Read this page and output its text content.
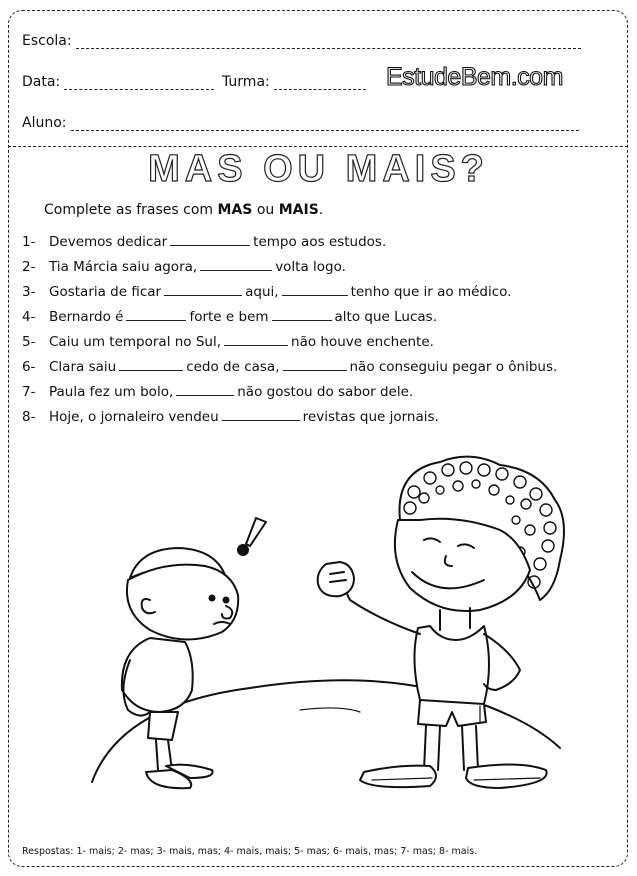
Escola:
Data:	Turma:	EstudeBem.com
Aluno:
MAS OU MAIS?
Complete as frases com MAS ou MAIS.
1-	Devemos dedicar	tempo aos estudos.
2-	Tia Márcia saiu agora,	volta logo.
3-	Gostaria de ficar	aqui,	tenho que ir ao médico.
4-	Bernardo é	forte e bem	alto que Lucas.
5-	Caiu um temporal no Sul,	não houve enchente.
6-	Clara saiu	cedo de casa,	não conseguiu pegar o ônibus.
7-	Paula fez um bolo,	não gostou do sabor dele.
8-	Hoje, o jornaleiro vendeu	revistas que jornais.
Respostas: 1- mais; 2- mas; 3- mais, mas; 4- mais, mais; 5- mas; 6- mais, mas; 7- mas; 8- mais.
